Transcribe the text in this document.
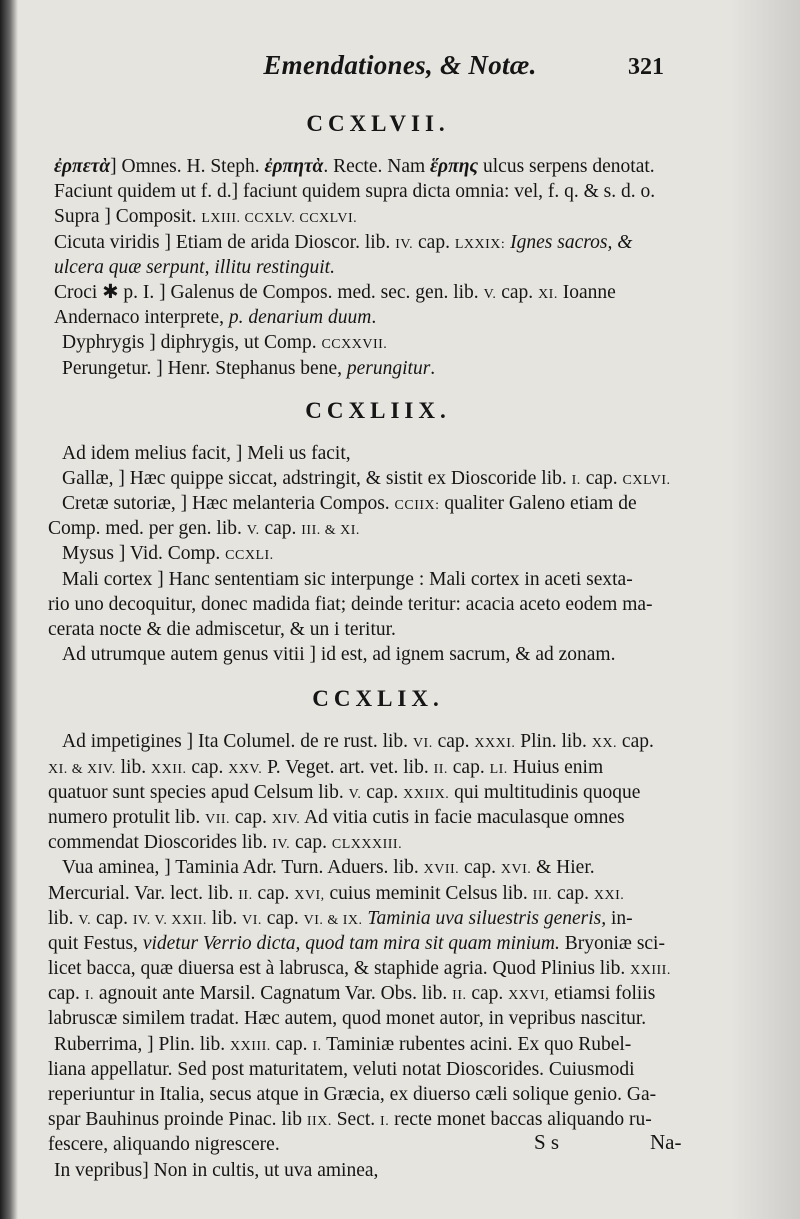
Emendationes, & Notæ.	321
CCXLVII.
ἐρπετὰ] Omnes. H. Steph. ἐρπητὰ. Recte. Nam ἕρπης ulcus serpens denotat.
Faciunt quidem ut f. d.] faciunt quidem supra dicta omnia: vel, f. q. & s. d. o.
Supra ] Composit. LXIII. CCXLV. CCXLVI.
Cicuta viridis ] Etiam de arida Dioscor. lib. IV. cap. LXXIX: Ignes sacros, &
ulcera quæ serpunt, illitu restinguit.
Croci ✱ p. I. ] Galenus de Compos. med. sec. gen. lib. V. cap. XI. Ioanne
Andernaco interprete, p. denarium duum.
Dyphrygis ] diphrygis, ut Comp. CCXXVII.
Perungetur. ] Henr. Stephanus bene, perungitur.
CCXLIIX.
Ad idem melius facit, ] Meli us facit,
Gallæ, ] Hæc quippe siccat, adstringit, & sistit ex Dioscoride lib. I. cap. CXLVI.
Cretæ sutoriæ, ] Hæc melanteria Compos. CCIIX: qualiter Galeno etiam de
Comp. med. per gen. lib. V. cap. III. & XI.
Mysus ] Vid. Comp. CCXLI.
Mali cortex ] Hanc sententiam sic interpunge : Mali cortex in aceti sexta-
rio uno decoquitur, donec madida fiat; deinde teritur: acacia aceto eodem ma-
cerata nocte & die admiscetur, & un i teritur.
Ad utrumque autem genus vitii ] id est, ad ignem sacrum, & ad zonam.
CCXLIX.
Ad impetigines ] Ita Columel. de re rust. lib. VI. cap. XXXI. Plin. lib. XX. cap.
XI. & XIV. lib. XXII. cap. XXV. P. Veget. art. vet. lib. II. cap. LI. Huius enim
quatuor sunt species apud Celsum lib. V. cap. XXIIX. qui multitudinis quoque
numero protulit lib. VII. cap. XIV. Ad vitia cutis in facie maculasque omnes
commendat Dioscorides lib. IV. cap. CLXXXIII.
Vua aminea, ] Taminia Adr. Turn. Aduers. lib. XVII. cap. XVI. & Hier.
Mercurial. Var. lect. lib. II. cap. XVI, cuius meminit Celsus lib. III. cap. XXI.
lib. V. cap. IV. V. XXII. lib. VI. cap. VI. & IX. Taminia uva siluestris generis, in-
quit Festus, videtur Verrio dicta, quod tam mira sit quam minium. Bryoniæ sci-
licet bacca, quæ diuersa est à labrusca, & staphide agria. Quod Plinius lib. XXIII.
cap. I. agnouit ante Marsil. Cagnatum Var. Obs. lib. II. cap. XXVI, etiamsi foliis
labruscæ similem tradat. Hæc autem, quod monet autor, in vepribus nascitur.
Ruberrima, ] Plin. lib. XXIII. cap. I. Taminiæ rubentes acini. Ex quo Rubel-
liana appellatur. Sed post maturitatem, veluti notat Dioscorides. Cuiusmodi
reperiuntur in Italia, secus atque in Græcia, ex diuerso cæli solique genio. Ga-
spar Bauhinus proinde Pinac. lib IIX. Sect. I. recte monet baccas aliquando ru-
fescere, aliquando nigrescere.
In vepribus] Non in cultis, ut uva aminea,
S s	Na-
